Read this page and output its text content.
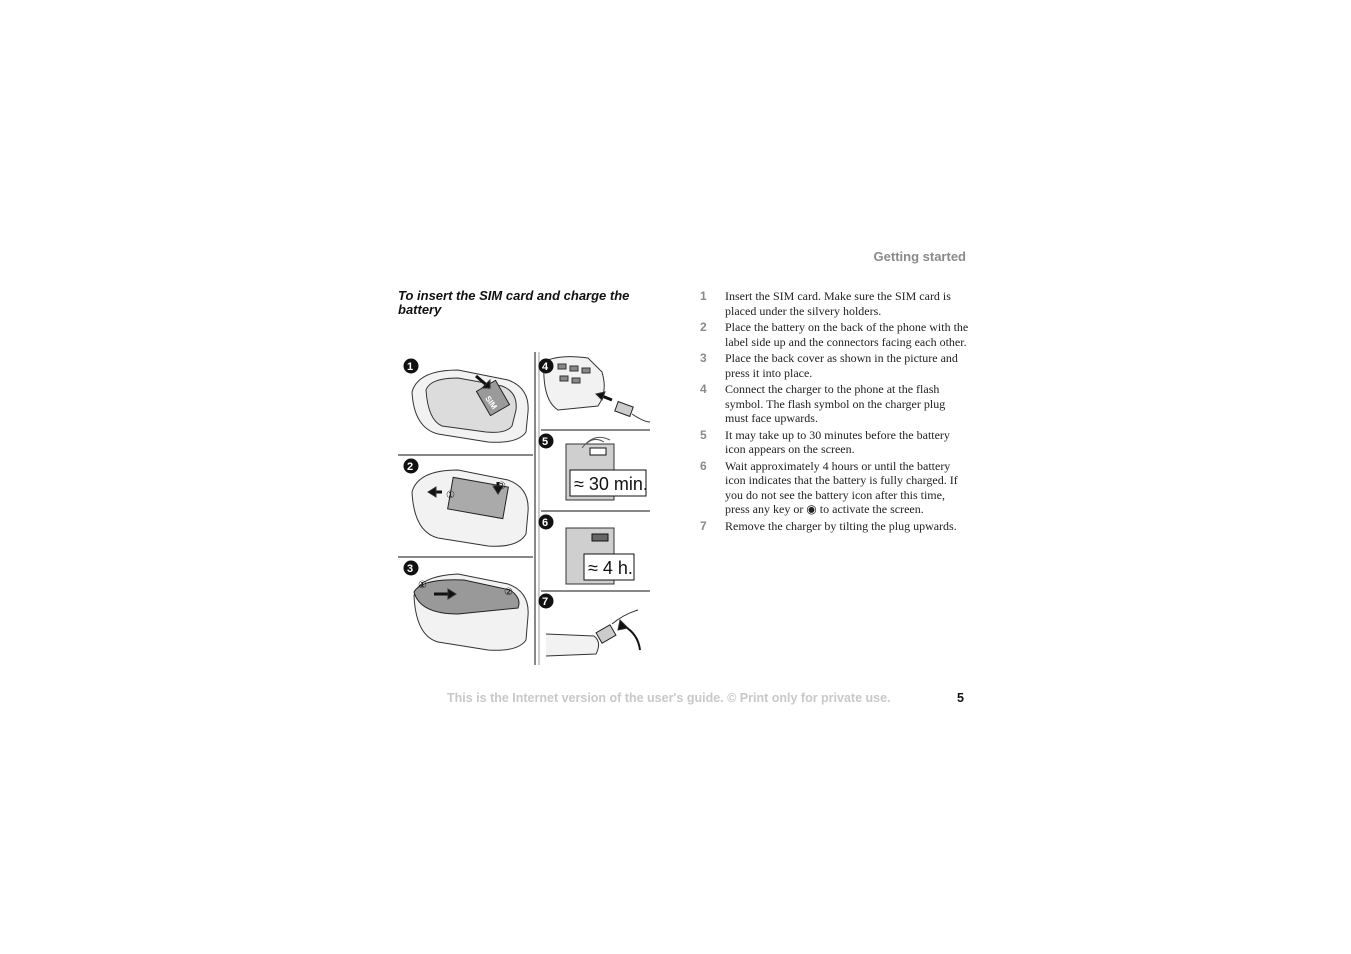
Getting started
To insert the SIM card and charge the battery
SIM
①
②
①
②
≈ 30 min.
≈ 4 h.
1
2
3
4
5
6
7
1	Insert the SIM card. Make sure the SIM card is placed under the silvery holders.
2	Place the battery on the back of the phone with the label side up and the connectors facing each other.
3	Place the back cover as shown in the picture and press it into place.
4	Connect the charger to the phone at the flash symbol. The flash symbol on the charger plug must face upwards.
5	It may take up to 30 minutes before the battery icon appears on the screen.
6	Wait approximately 4 hours or until the battery icon indicates that the battery is fully charged. If you do not see the battery icon after this time, press any key or ◉ to activate the screen.
7	Remove the charger by tilting the plug upwards.
This is the Internet version of the user's guide. © Print only for private use.	5
